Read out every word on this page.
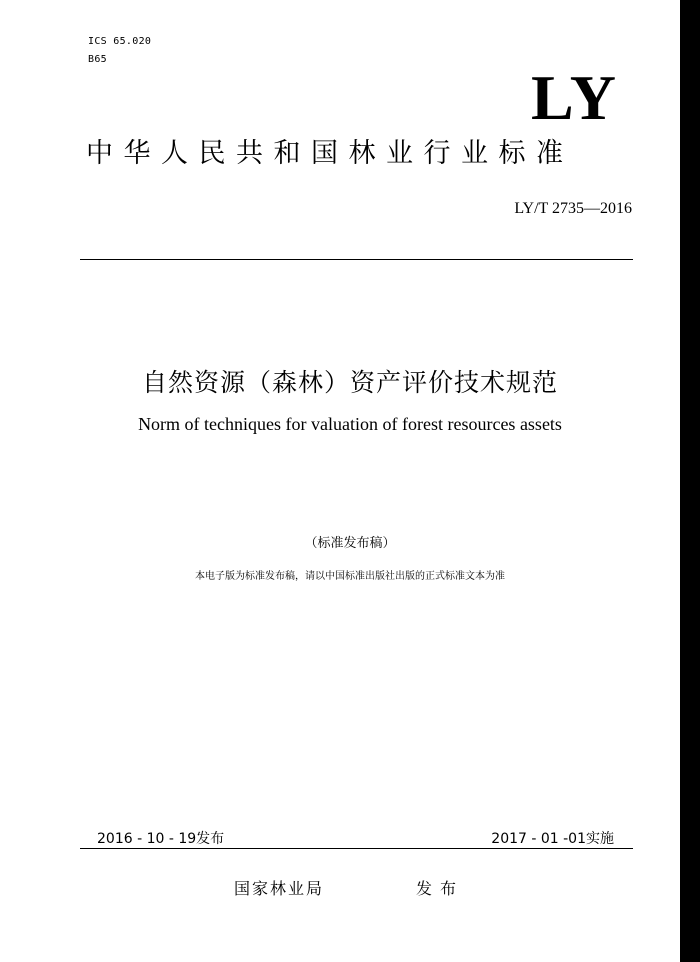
ICS 65.020
B65
LY
中华人民共和国林业行业标准
LY/T 2735—2016
自然资源（森林）资产评价技术规范
Norm of techniques for valuation of forest resources assets
（标准发布稿）
本电子版为标准发布稿，请以中国标准出版社出版的正式标准文本为准
2016 - 10 - 19发布	2017 - 01 -01实施
国家林业局	发布
